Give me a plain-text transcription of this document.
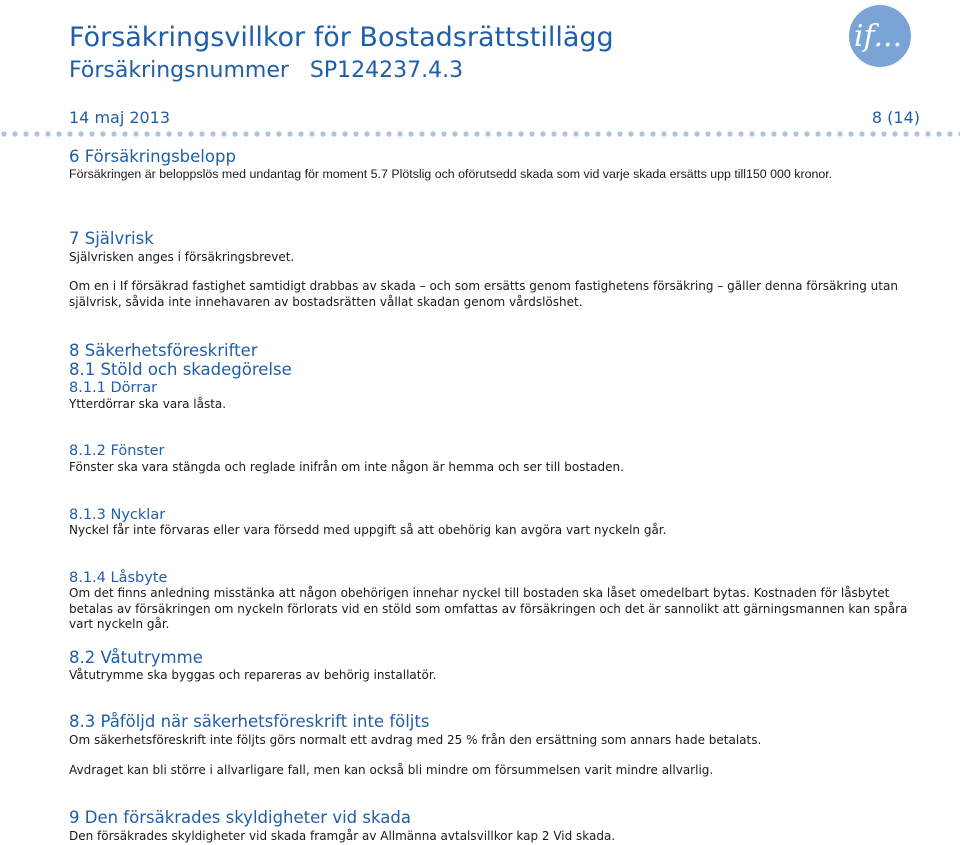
Försäkringsvillkor för Bostadsrättstillägg
Försäkringsnummer SP124237.4.3
if...
14 maj 2013	8 (14)
6 Försäkringsbelopp
Försäkringen är beloppslös med undantag för moment 5.7 Plötslig och oförutsedd skada som vid varje skada ersätts upp till150 000 kronor.
7 Självrisk
Självrisken anges i försäkringsbrevet.
Om en i If försäkrad fastighet samtidigt drabbas av skada – och som ersätts genom fastighetens försäkring – gäller denna försäkring utan självrisk, såvida inte innehavaren av bostadsrätten vållat skadan genom vårdslöshet.
8 Säkerhetsföreskrifter
8.1 Stöld och skadegörelse
8.1.1 Dörrar
Ytterdörrar ska vara låsta.
8.1.2 Fönster
Fönster ska vara stängda och reglade inifrån om inte någon är hemma och ser till bostaden.
8.1.3 Nycklar
Nyckel får inte förvaras eller vara försedd med uppgift så att obehörig kan avgöra vart nyckeln går.
8.1.4 Låsbyte
Om det finns anledning misstänka att någon obehörigen innehar nyckel till bostaden ska låset omedelbart bytas. Kostnaden för låsbytet betalas av försäkringen om nyckeln förlorats vid en stöld som omfattas av försäkringen och det är sannolikt att gärningsmannen kan spåra vart nyckeln går.
8.2 Våtutrymme
Våtutrymme ska byggas och repareras av behörig installatör.
8.3 Påföljd när säkerhetsföreskrift inte följts
Om säkerhetsföreskrift inte följts görs normalt ett avdrag med 25 % från den ersättning som annars hade betalats.
Avdraget kan bli större i allvarligare fall, men kan också bli mindre om försummelsen varit mindre allvarlig.
9 Den försäkrades skyldigheter vid skada
Den försäkrades skyldigheter vid skada framgår av Allmänna avtalsvillkor kap 2 Vid skada.
